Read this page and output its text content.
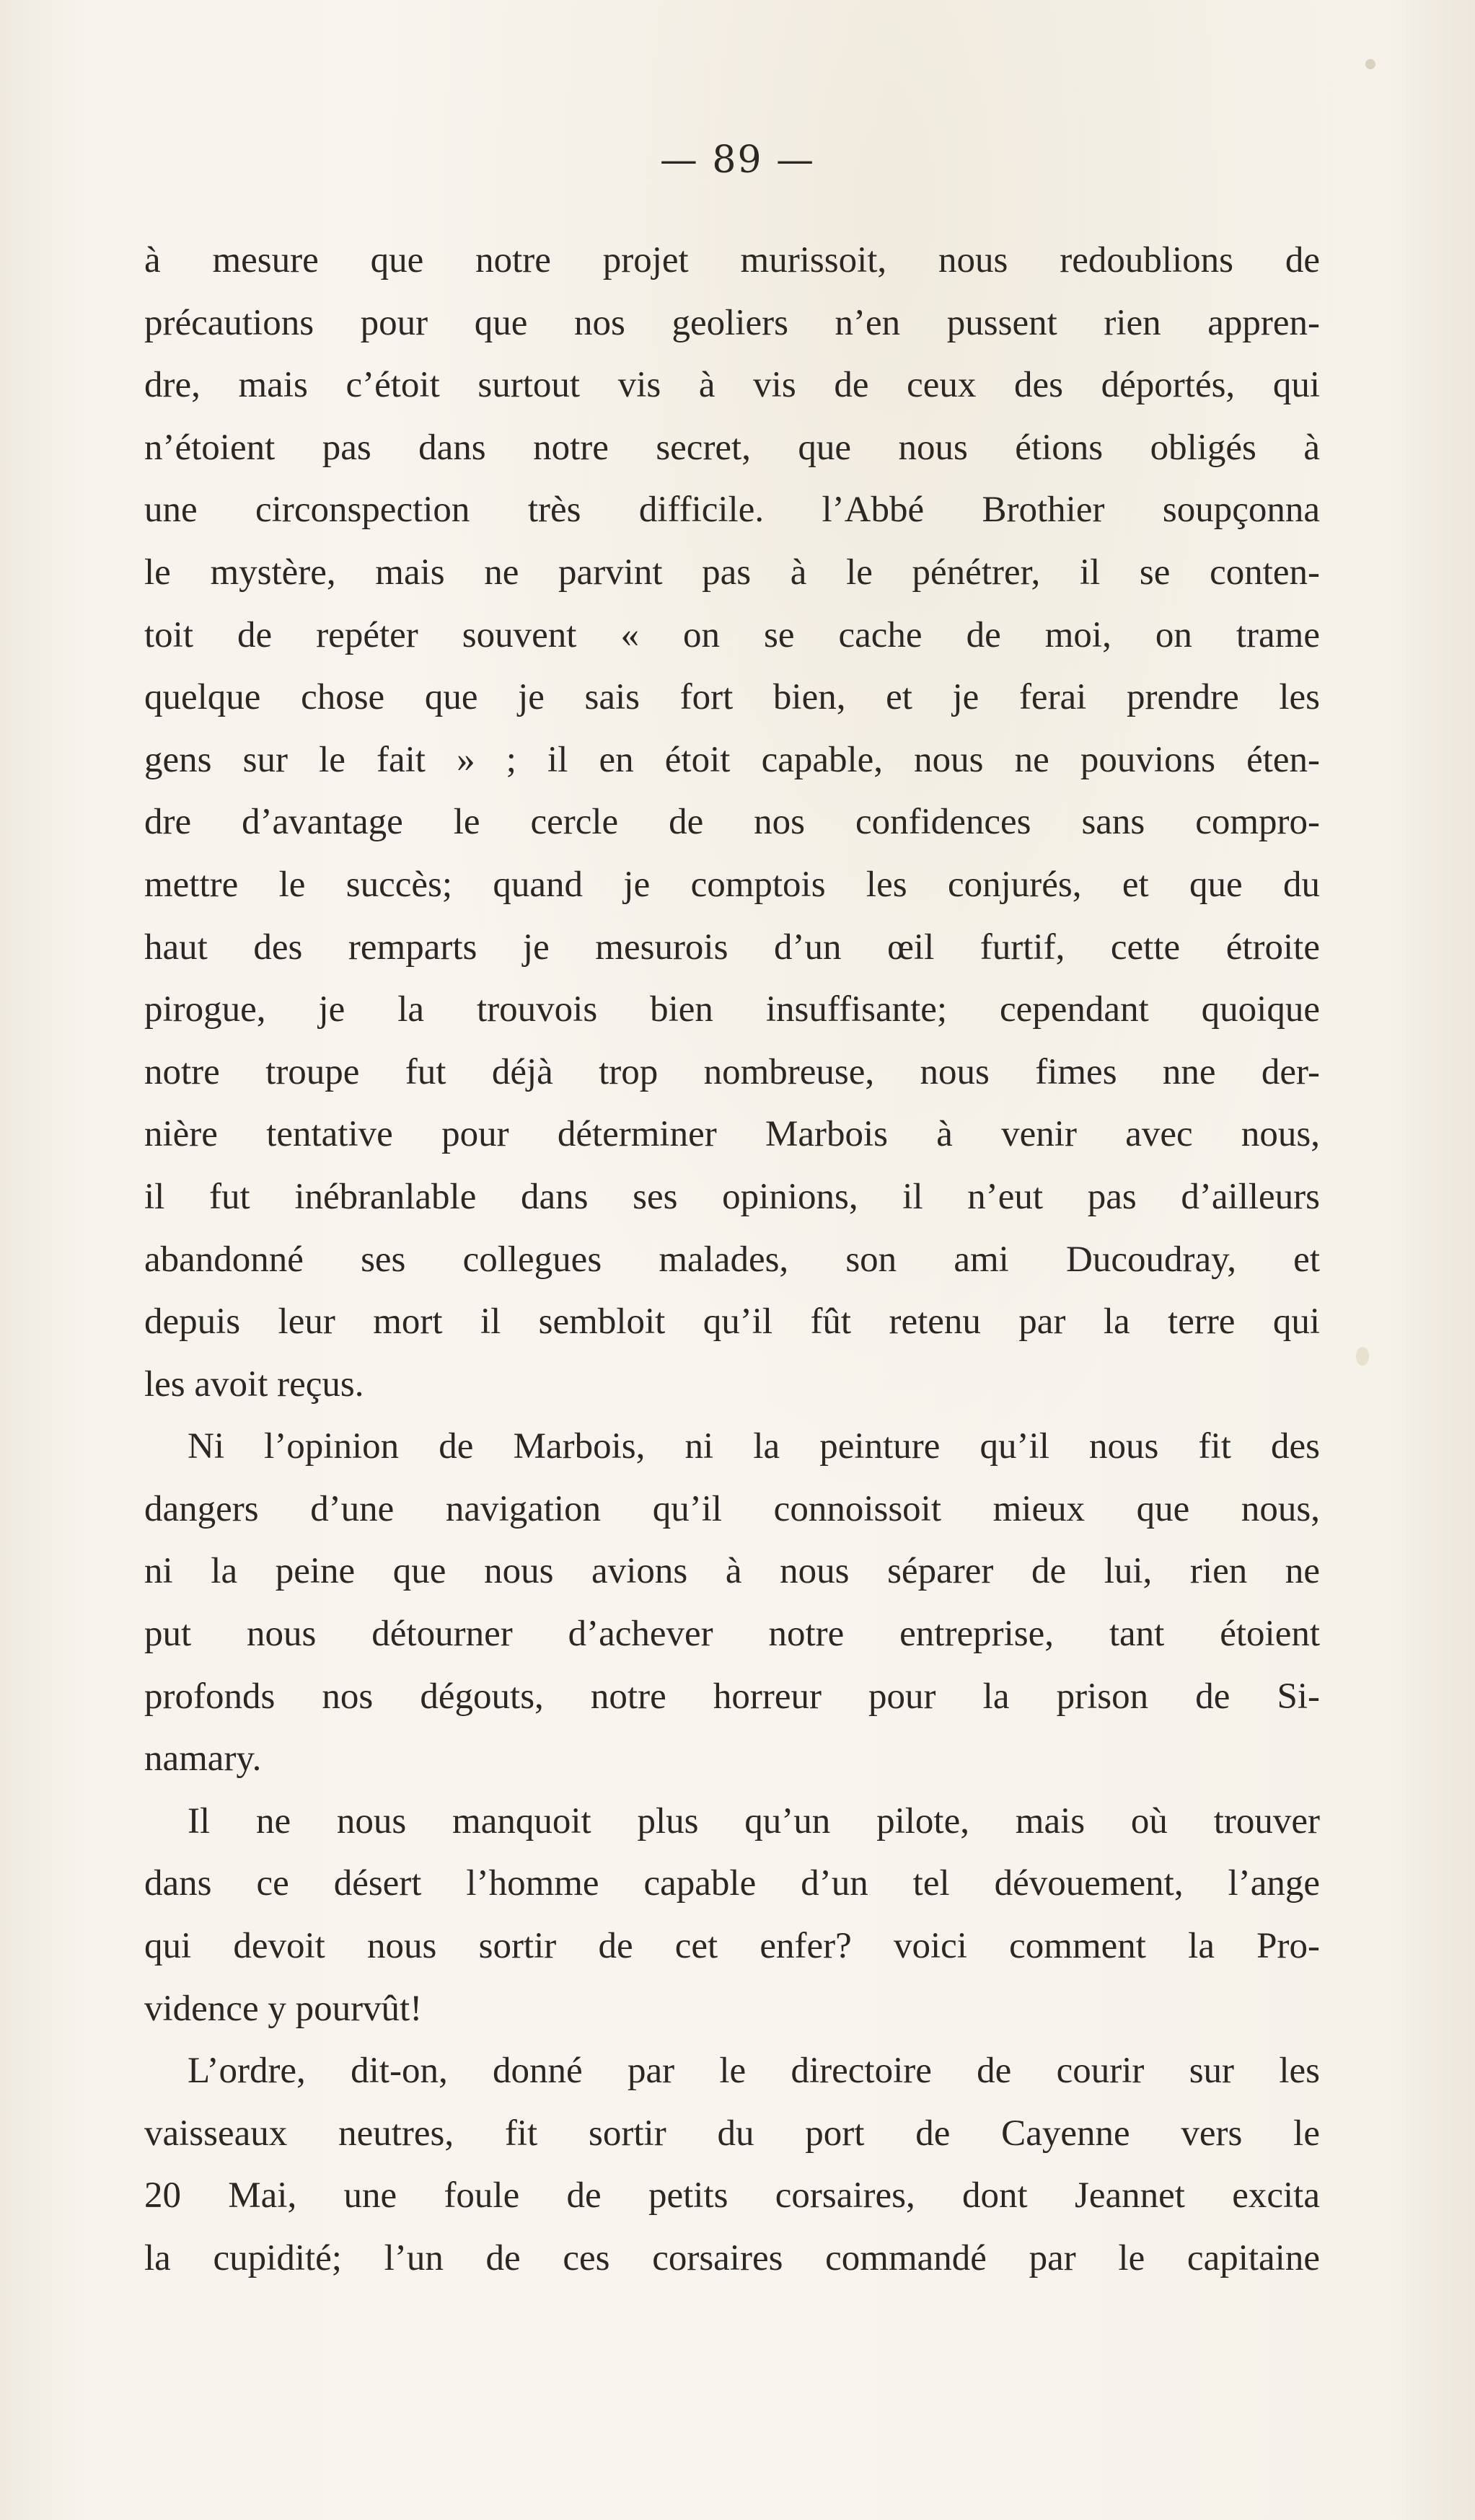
— 89 —
à mesure que notre projet murissoit, nous redoublions de
précautions pour que nos geoliers n’en pussent rien appren-
dre, mais c’étoit surtout vis à vis de ceux des déportés, qui
n’étoient pas dans notre secret, que nous étions obligés à
une circonspection très difficile. l’Abbé Brothier soupçonna
le mystère, mais ne parvint pas à le pénétrer, il se conten-
toit de repéter souvent « on se cache de moi, on trame
quelque chose que je sais fort bien, et je ferai prendre les
gens sur le fait » ; il en étoit capable, nous ne pouvions éten-
dre d’avantage le cercle de nos confidences sans compro-
mettre le succès; quand je comptois les conjurés, et que du
haut des remparts je mesurois d’un œil furtif, cette étroite
pirogue, je la trouvois bien insuffisante; cependant quoique
notre troupe fut déjà trop nombreuse, nous fimes nne der-
nière tentative pour déterminer Marbois à venir avec nous,
il fut inébranlable dans ses opinions, il n’eut pas d’ailleurs
abandonné ses collegues malades, son ami Ducoudray, et
depuis leur mort il sembloit qu’il fût retenu par la terre qui
les avoit reçus.
Ni l’opinion de Marbois, ni la peinture qu’il nous fit des
dangers d’une navigation qu’il connoissoit mieux que nous,
ni la peine que nous avions à nous séparer de lui, rien ne
put nous détourner d’achever notre entreprise, tant étoient
profonds nos dégouts, notre horreur pour la prison de Si-
namary.
Il ne nous manquoit plus qu’un pilote, mais où trouver
dans ce désert l’homme capable d’un tel dévouement, l’ange
qui devoit nous sortir de cet enfer? voici comment la Pro-
vidence y pourvût!
L’ordre, dit-on, donné par le directoire de courir sur les
vaisseaux neutres, fit sortir du port de Cayenne vers le
20 Mai, une foule de petits corsaires, dont Jeannet excita
la cupidité; l’un de ces corsaires commandé par le capitaine
